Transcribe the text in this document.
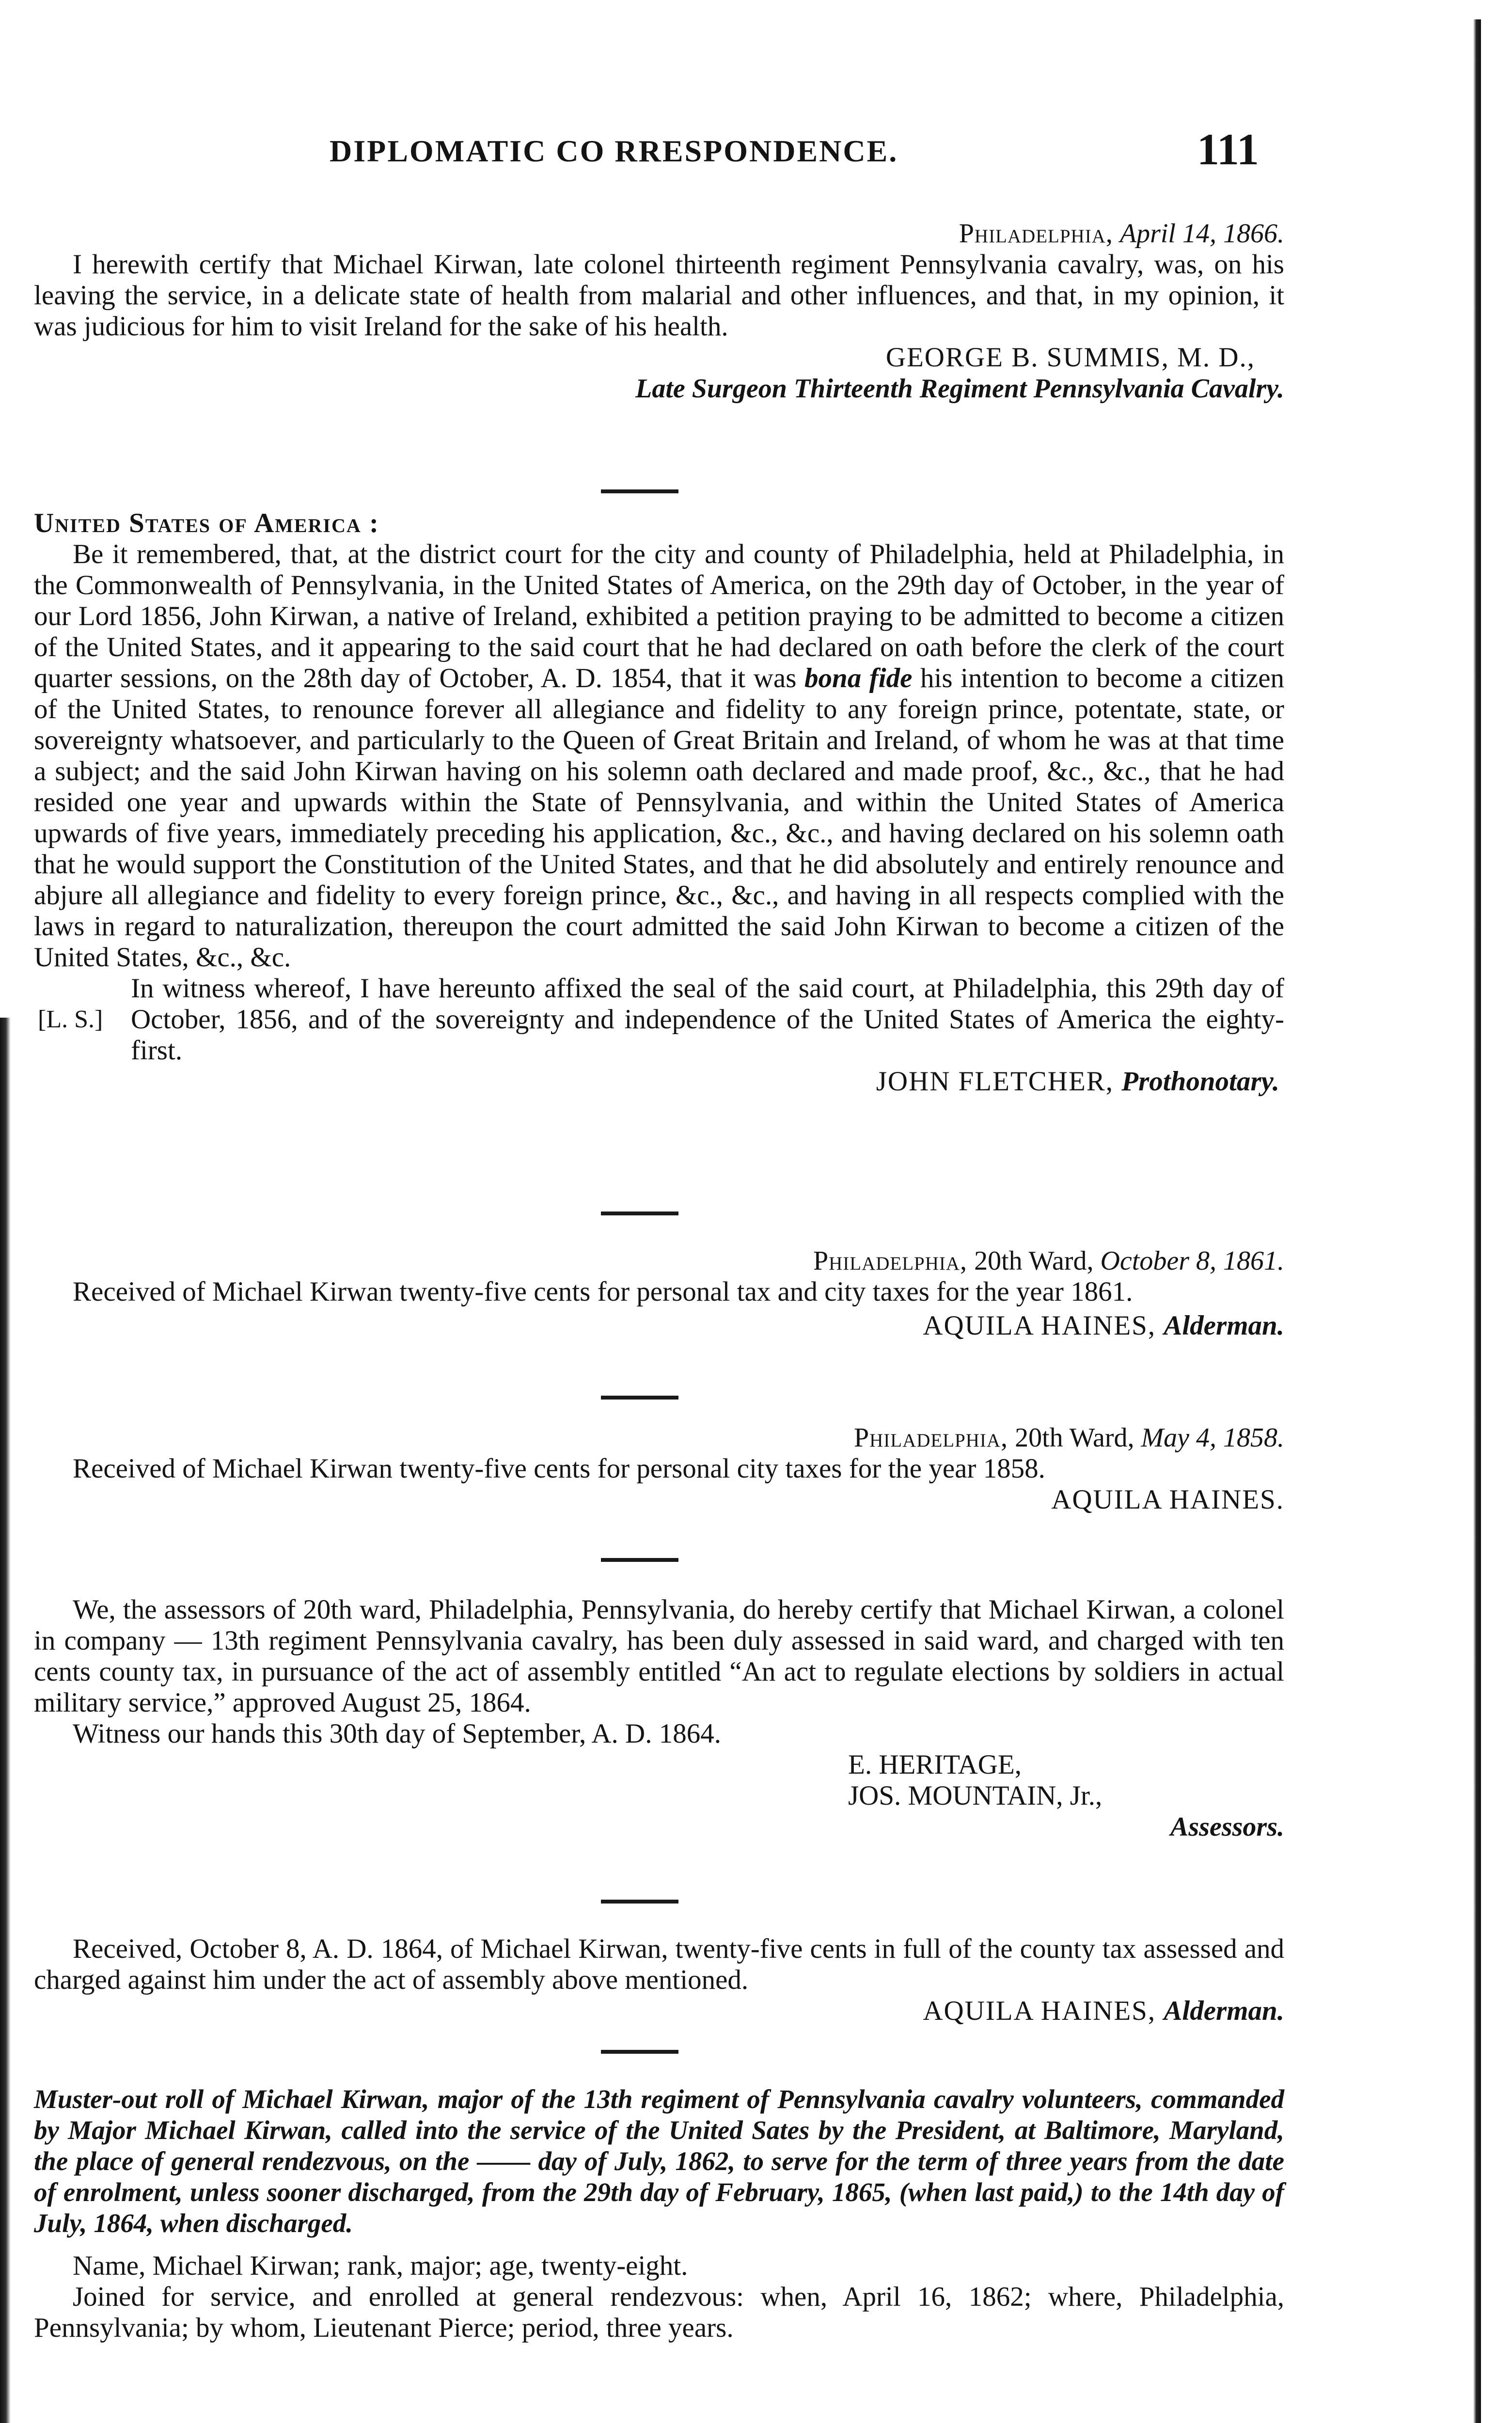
DIPLOMATIC CO RRESPONDENCE.	111

Philadelphia, April 14, 1866.

I herewith certify that Michael Kirwan, late colonel thirteenth regiment Pennsylvania cavalry, was, on his leaving the service, in a delicate state of health from malarial and other influences, and that, in my opinion, it was judicious for him to visit Ireland for the sake of his health.

GEORGE B. SUMMIS, M. D.,

Late Surgeon Thirteenth Regiment Pennsylvania Cavalry.

United States of America :

Be it remembered, that, at the district court for the city and county of Philadelphia, held at Philadelphia, in the Commonwealth of Pennsylvania, in the United States of America, on the 29th day of October, in the year of our Lord 1856, John Kirwan, a native of Ireland, exhibited a petition praying to be admitted to become a citizen of the United States, and it appearing to the said court that he had declared on oath before the clerk of the court quarter sessions, on the 28th day of October, A. D. 1854, that it was bona fide his intention to become a citizen of the United States, to renounce forever all allegiance and fidelity to any foreign prince, potentate, state, or sovereignty whatsoever, and particularly to the Queen of Great Britain and Ireland, of whom he was at that time a subject; and the said John Kirwan having on his solemn oath declared and made proof, &c., &c., that he had resided one year and upwards within the State of Pennsylvania, and within the United States of America upwards of five years, immediately preceding his application, &c., &c., and having declared on his solemn oath that he would support the Constitution of the United States, and that he did absolutely and entirely renounce and abjure all allegiance and fidelity to every foreign prince, &c., &c., and having in all respects complied with the laws in regard to naturalization, thereupon the court admitted the said John Kirwan to become a citizen of the United States, &c., &c.

[L. S.]

In witness whereof, I have hereunto affixed the seal of the said court, at Philadelphia, this 29th day of October, 1856, and of the sovereignty and independence of the United States of America the eighty-first.

JOHN FLETCHER, Prothonotary.

Philadelphia, 20th Ward, October 8, 1861.

Received of Michael Kirwan twenty-five cents for personal tax and city taxes for the year 1861.

AQUILA HAINES, Alderman.

Philadelphia, 20th Ward, May 4, 1858.

Received of Michael Kirwan twenty-five cents for personal city taxes for the year 1858.

AQUILA HAINES.

We, the assessors of 20th ward, Philadelphia, Pennsylvania, do hereby certify that Michael Kirwan, a colonel in company — 13th regiment Pennsylvania cavalry, has been duly assessed in said ward, and charged with ten cents county tax, in pursuance of the act of assembly entitled “An act to regulate elections by soldiers in actual military service,” approved August 25, 1864.

Witness our hands this 30th day of September, A. D. 1864.

E. HERITAGE,

JOS. MOUNTAIN, Jr.,

Assessors.

Received, October 8, A. D. 1864, of Michael Kirwan, twenty-five cents in full of the county tax assessed and charged against him under the act of assembly above mentioned.

AQUILA HAINES, Alderman.

Muster-out roll of Michael Kirwan, major of the 13th regiment of Pennsylvania cavalry volunteers, commanded by Major Michael Kirwan, called into the service of the United Sates by the President, at Baltimore, Maryland, the place of general rendezvous, on the —— day of July, 1862, to serve for the term of three years from the date of enrolment, unless sooner discharged, from the 29th day of February, 1865, (when last paid,) to the 14th day of July, 1864, when discharged.

Name, Michael Kirwan; rank, major; age, twenty-eight.

Joined for service, and enrolled at general rendezvous: when, April 16, 1862; where, Philadelphia, Pennsylvania; by whom, Lieutenant Pierce; period, three years.
